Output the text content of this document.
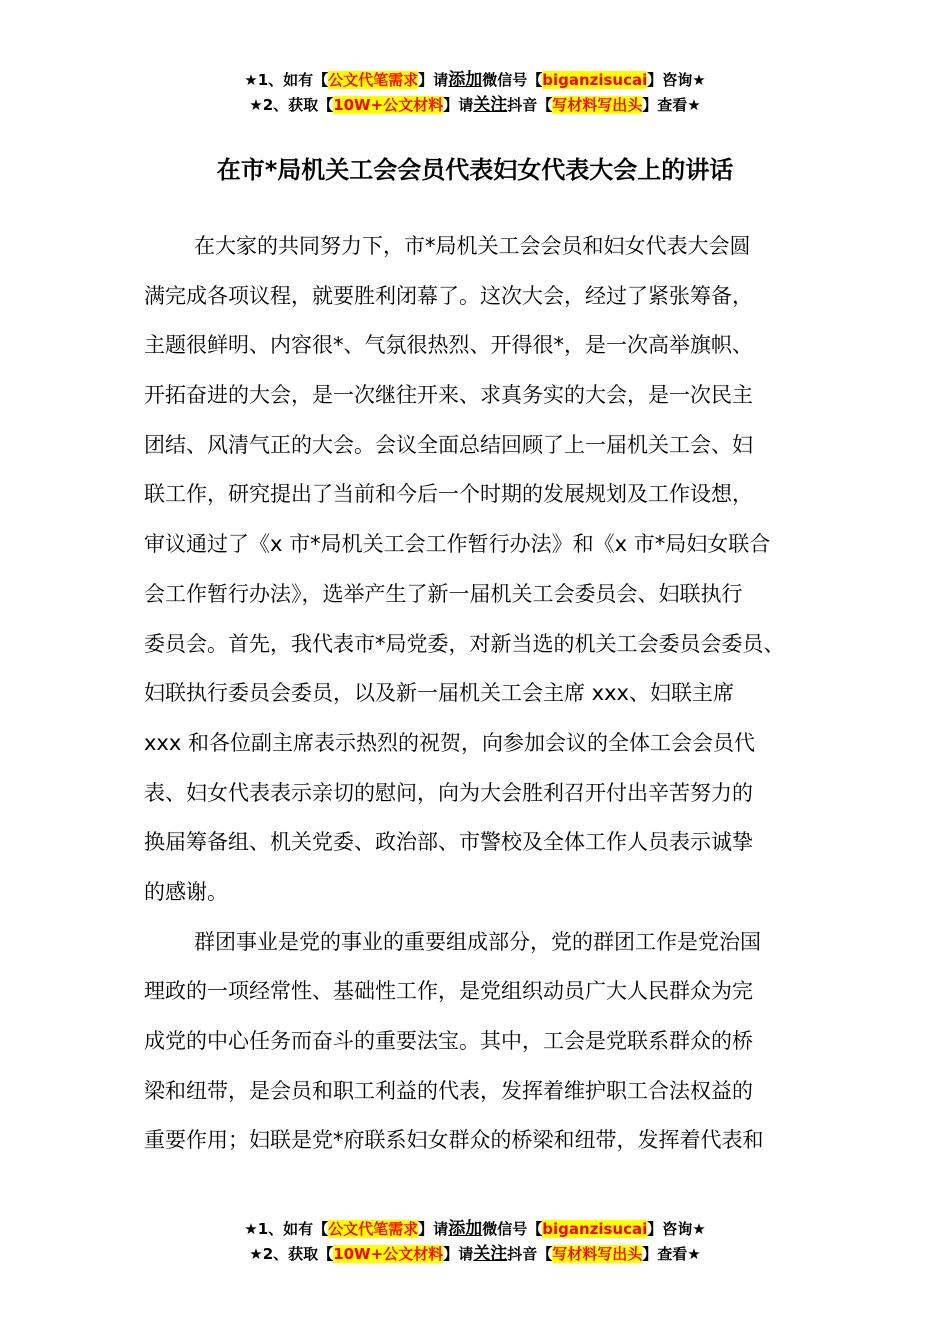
★1、如有【公文代笔需求】请添加微信号【biganzisucai】咨询★
★2、获取【10W+公文材料】请关注抖音【写材料写出头】查看★
在市*局机关工会会员代表妇女代表大会上的讲话
在大家的共同努力下，市*局机关工会会员和妇女代表大会圆
满完成各项议程，就要胜利闭幕了。这次大会，经过了紧张筹备，
主题很鲜明、内容很*、气氛很热烈、开得很*，是一次高举旗帜、
开拓奋进的大会，是一次继往开来、求真务实的大会，是一次民主
团结、风清气正的大会。会议全面总结回顾了上一届机关工会、妇
联工作，研究提出了当前和今后一个时期的发展规划及工作设想，
审议通过了《x 市*局机关工会工作暂行办法》和《x 市*局妇女联合
会工作暂行办法》，选举产生了新一届机关工会委员会、妇联执行
委员会。首先，我代表市*局党委，对新当选的机关工会委员会委员、
妇联执行委员会委员，以及新一届机关工会主席 xxx、妇联主席
xxx 和各位副主席表示热烈的祝贺，向参加会议的全体工会会员代
表、妇女代表表示亲切的慰问，向为大会胜利召开付出辛苦努力的
换届筹备组、机关党委、政治部、市警校及全体工作人员表示诚挚
的感谢。
群团事业是党的事业的重要组成部分，党的群团工作是党治国
理政的一项经常性、基础性工作，是党组织动员广大人民群众为完
成党的中心任务而奋斗的重要法宝。其中，工会是党联系群众的桥
梁和纽带，是会员和职工利益的代表，发挥着维护职工合法权益的
重要作用；妇联是党*府联系妇女群众的桥梁和纽带，发挥着代表和
★1、如有【公文代笔需求】请添加微信号【biganzisucai】咨询★
★2、获取【10W+公文材料】请关注抖音【写材料写出头】查看★
